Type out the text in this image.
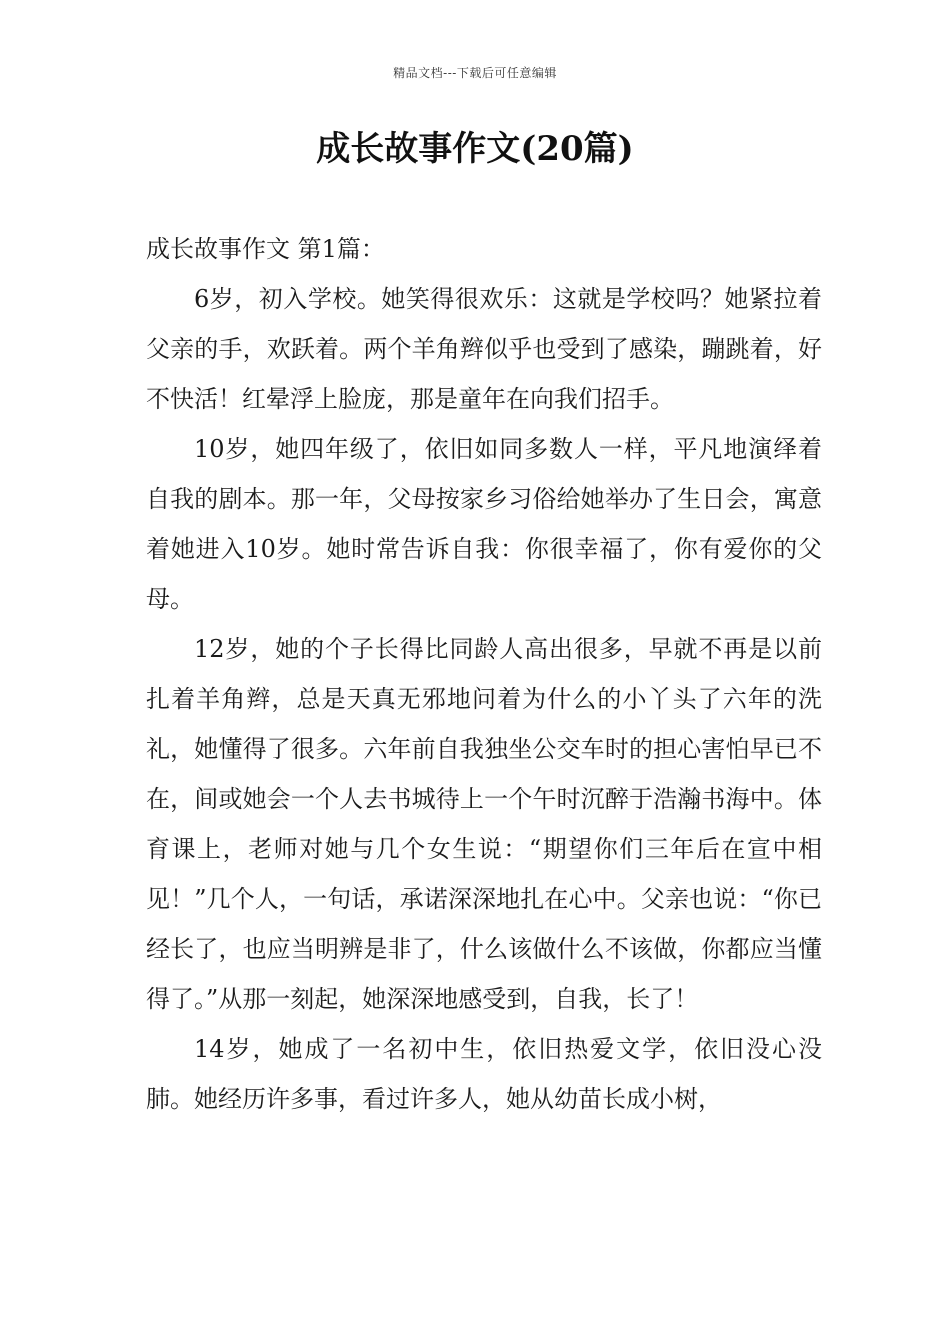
精品文档---下载后可任意编辑
成长故事作文(20篇)

成长故事作文 第1篇：

6岁，初入学校。她笑得很欢乐：这就是学校吗？她紧拉着父亲的手，欢跃着。两个羊角辫似乎也受到了感染，蹦跳着，好不快活！红晕浮上脸庞，那是童年在向我们招手。

10岁，她四年级了，依旧如同多数人一样，平凡地演绎着自我的剧本。那一年，父母按家乡习俗给她举办了生日会，寓意着她进入10岁。她时常告诉自我：你很幸福了，你有爱你的父母。

12岁，她的个子长得比同龄人高出很多，早就不再是以前扎着羊角辫，总是天真无邪地问着为什么的小丫头了六年的洗礼，她懂得了很多。六年前自我独坐公交车时的担心害怕早已不在，间或她会一个人去书城待上一个午时沉醉于浩瀚书海中。体育课上，老师对她与几个女生说：“期望你们三年后在宣中相见！”几个人，一句话，承诺深深地扎在心中。父亲也说：“你已经长了，也应当明辨是非了，什么该做什么不该做，你都应当懂得了。”从那一刻起，她深深地感受到，自我，长了！

14岁，她成了一名初中生，依旧热爱文学，依旧没心没肺。她经历许多事，看过许多人，她从幼苗长成小树，
